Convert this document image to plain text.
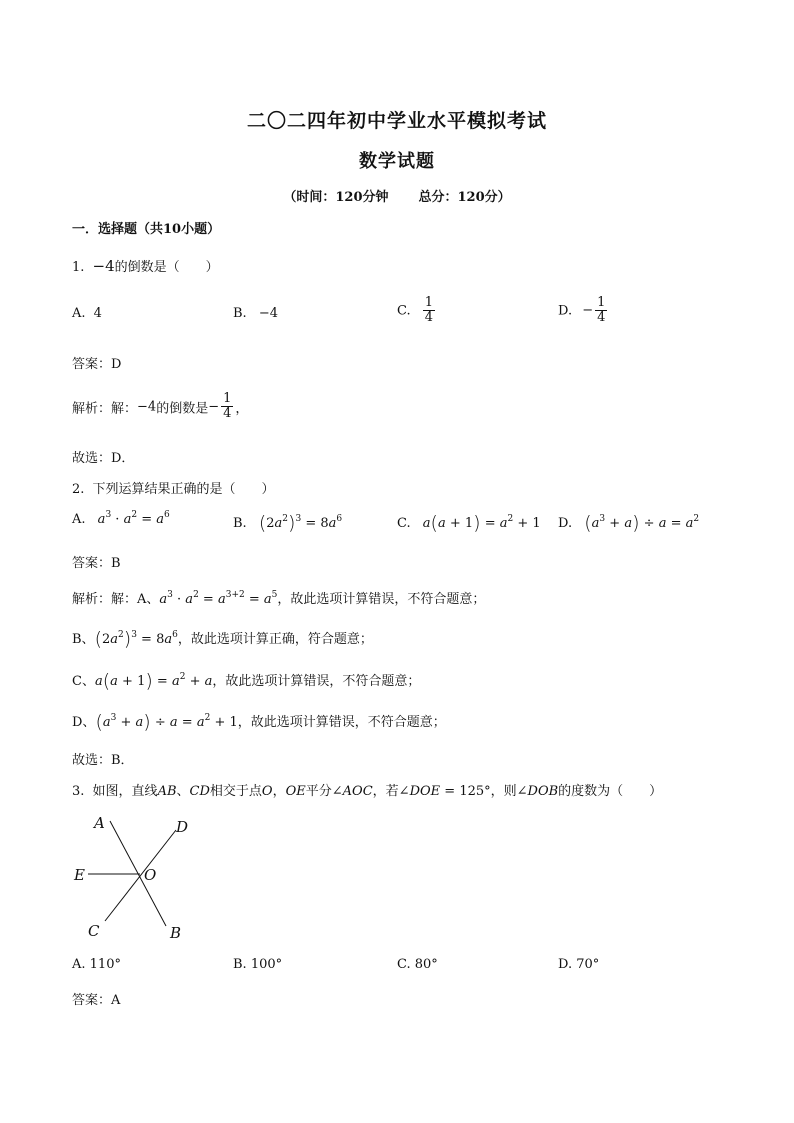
二〇二四年初中学业水平模拟考试
数学试题
（时间：120分钟 总分：120分）
一．选择题（共10小题）
1. −4的倒数是（　　）
A. 4	B. −4	C. $\frac{1}{4}$	D. − $\frac{1}{4}$
答案：D
解析：解：−4的倒数是− $\frac{1}{4}$ ，
故选：D．
2. 下列运算结果正确的是（　　）
A. $a^3 \cdot a^2 = a^6$
B. $(2a^2)^3 = 8a^6$	C. $a(a + 1) = a^2 + 1$ D. $(a^3 + a) \div a = a^2$
答案：B
解析：解：A、$a^3 \cdot a^2 = a^{3+2} = a^5$，故此选项计算错误，不符合题意；
B、$(2a^2)^3 = 8a^6$，故此选项计算正确，符合题意；
C、$a(a + 1) = a^2 + a$，故此选项计算错误，不符合题意；
D、$(a^3 + a) \div a = a^2 + 1$，故此选项计算错误，不符合题意；
故选：B．
3. 如图，直线AB、CD相交于点O，OE平分∠AOC，若∠DOE = 125°，则∠DOB的度数为（　　）
A	D
E	O
C	B
A. 110°	B. 100°	C. 80°	D. 70°
答案：A
